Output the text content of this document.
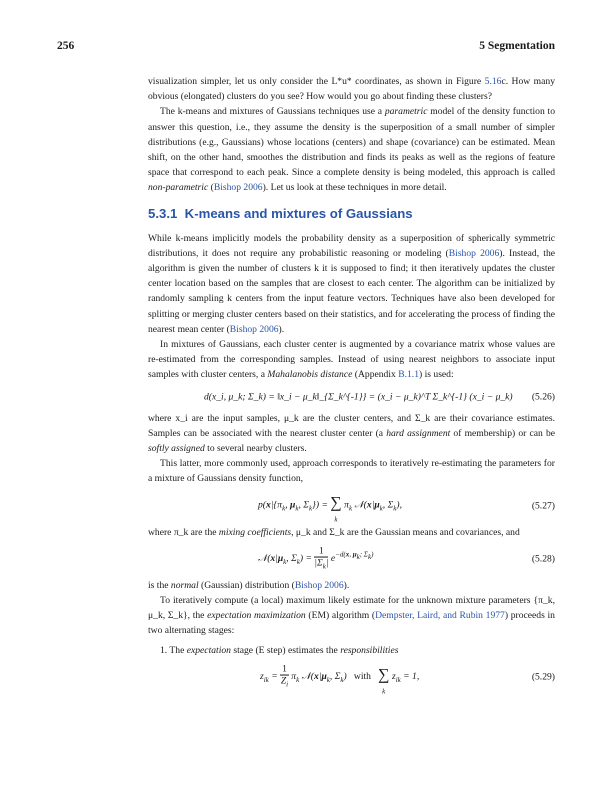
256	5 Segmentation

visualization simpler, let us only consider the L*u* coordinates, as shown in Figure 5.16c. How many obvious (elongated) clusters do you see? How would you go about finding these clusters?

The k-means and mixtures of Gaussians techniques use a parametric model of the density function to answer this question, i.e., they assume the density is the superposition of a small number of simpler distributions (e.g., Gaussians) whose locations (centers) and shape (covariance) can be estimated. Mean shift, on the other hand, smoothes the distribution and finds its peaks as well as the regions of feature space that correspond to each peak. Since a complete density is being modeled, this approach is called non-parametric (Bishop 2006). Let us look at these techniques in more detail.

5.3.1 K-means and mixtures of Gaussians

While k-means implicitly models the probability density as a superposition of spherically symmetric distributions, it does not require any probabilistic reasoning or modeling (Bishop 2006). Instead, the algorithm is given the number of clusters k it is supposed to find; it then iteratively updates the cluster center location based on the samples that are closest to each center. The algorithm can be initialized by randomly sampling k centers from the input feature vectors. Techniques have also been developed for splitting or merging cluster centers based on their statistics, and for accelerating the process of finding the nearest mean center (Bishop 2006).

In mixtures of Gaussians, each cluster center is augmented by a covariance matrix whose values are re-estimated from the corresponding samples. Instead of using nearest neighbors to associate input samples with cluster centers, a Mahalanobis distance (Appendix B.1.1) is used:

d(x_i, μ_k; Σ_k) = ‖x_i − μ_k‖_{Σ_k^{-1}} = (x_i − μ_k)^T Σ_k^{-1} (x_i − μ_k) (5.26)

where x_i are the input samples, μ_k are the cluster centers, and Σ_k are their covariance estimates. Samples can be associated with the nearest cluster center (a hard assignment of membership) or can be softly assigned to several nearby clusters.

This latter, more commonly used, approach corresponds to iteratively re-estimating the parameters for a mixture of Gaussians density function,

$p(x|\{\pi_k$, $\mu_k$, $\Sigma_k$}) = ∑
k
$\pi_k$ $𝒩(x|\mu_k$, $\Sigma_k$),	(5.27)

where π_k are the mixing coefficients, μ_k and Σ_k are the Gaussian means and covariances, and

$𝒩(x|\mu_k$, $\Sigma_k) = \frac{1}{|\Sigma_k|} e^{-d(x, \mu_k; \Sigma_k)}$	(5.28)

is the normal (Gaussian) distribution (Bishop 2006).

To iteratively compute (a local) maximum likely estimate for the unknown mixture parameters {π_k, μ_k, Σ_k}, the expectation maximization (EM) algorithm (Dempster, Laird, and Rubin 1977) proceeds in two alternating stages:

1. The expectation stage (E step) estimates the responsibilities
$z_{ik} = \frac{1}{Z_i} \pi_k$ $𝒩(x|\mu_k$, $\Sigma_k$)   with ∑
k
$z_{ik} = 1$,	(5.29)
